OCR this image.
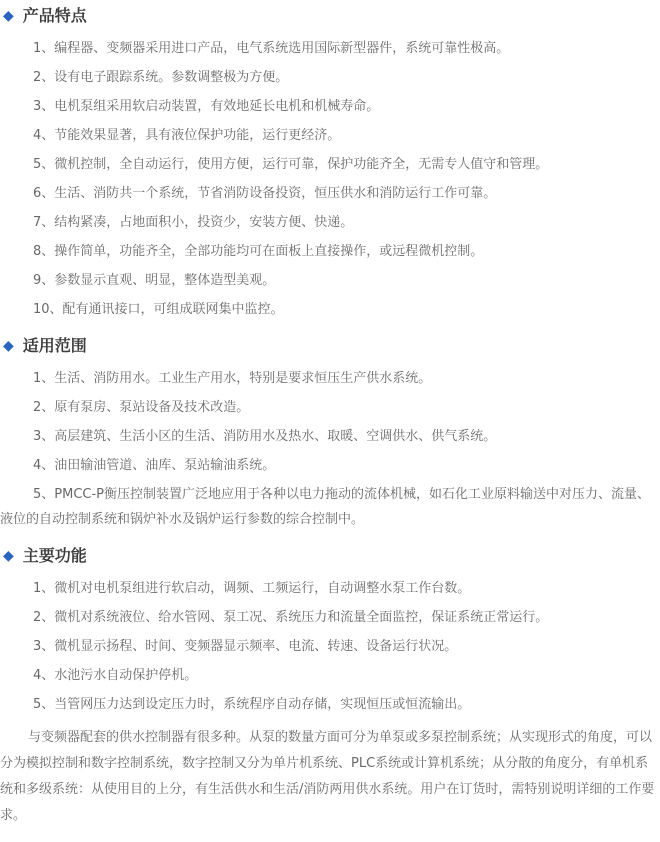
◆ 产品特点
1、编程器、变频器采用进口产品，电气系统选用国际新型器件，系统可靠性极高。
2、设有电子跟踪系统。参数调整极为方便。
3、电机泵组采用软启动装置，有效地延长电机和机械寿命。
4、节能效果显著，具有液位保护功能，运行更经济。
5、微机控制，全自动运行，使用方便，运行可靠，保护功能齐全，无需专人值守和管理。
6、生活、消防共一个系统，节省消防设备投资，恒压供水和消防运行工作可靠。
7、结构紧凑，占地面积小，投资少，安装方便、快递。
8、操作简单，功能齐全，全部功能均可在面板上直接操作，或远程微机控制。
9、参数显示直观、明显，整体造型美观。
10、配有通讯接口，可组成联网集中监控。
◆ 适用范围
1、生活、消防用水。工业生产用水，特别是要求恒压生产供水系统。
2、原有泵房、泵站设备及技术改造。
3、高层建筑、生活小区的生活、消防用水及热水、取暖、空调供水、供气系统。
4、油田输油管道、油库、泵站输油系统。
5、PMCC-P衡压控制装置广泛地应用于各种以电力拖动的流体机械，如石化工业原料输送中对压力、流量、液位的自动控制系统和锅炉补水及锅炉运行参数的综合控制中。
◆ 主要功能
1、微机对电机泵组进行软启动，调频、工频运行，自动调整水泵工作台数。
2、微机对系统液位、给水管网、泵工况、系统压力和流量全面监控，保证系统正常运行。
3、微机显示扬程、时间、变频器显示频率、电流、转速、设备运行状况。
4、水池污水自动保护停机。
5、当管网压力达到设定压力时，系统程序自动存储，实现恒压或恒流输出。

与变频器配套的供水控制器有很多种。从泵的数量方面可分为单泵或多泵控制系统；从实现形式的角度，可以分为模拟控制和数字控制系统，数字控制又分为单片机系统、PLC系统或计算机系统；从分散的角度分，有单机系统和多级系统：从使用目的上分，有生活供水和生活/消防两用供水系统。用户在订货时，需特别说明详细的工作要求。
